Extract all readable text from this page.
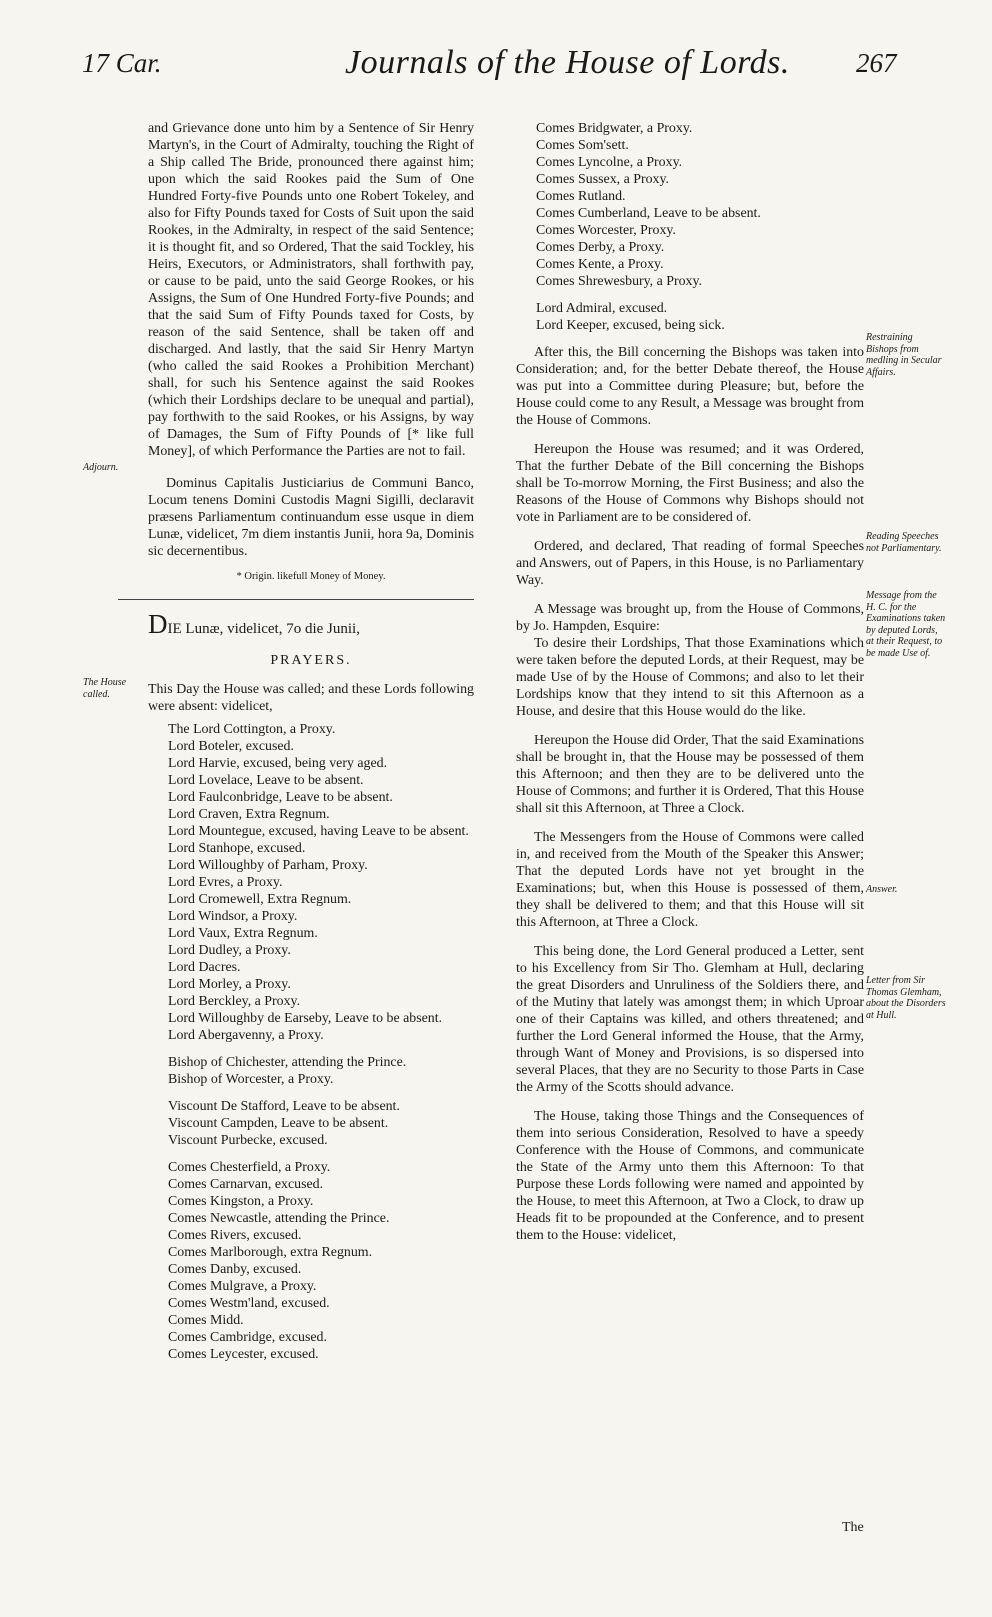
17 Car.	Journals of the House of Lords. 267
Adjourn.
The House called.
Restraining Bishops from medling in Secular Affairs.
Reading Speeches not Parliamentary.
Message from the H. C. for the Examinations taken by deputed Lords, at their Request, to be made Use of.
Answer.
Letter from Sir Thomas Glemham, about the Disorders at Hull.

and Grievance done unto him by a Sentence of Sir Henry Martyn's, in the Court of Admiralty, touching the Right of a Ship called The Bride, pronounced there against him; upon which the said Rookes paid the Sum of One Hundred Forty-five Pounds unto one Robert Tokeley, and also for Fifty Pounds taxed for Costs of Suit upon the said Rookes, in the Admiralty, in respect of the said Sentence; it is thought fit, and so Ordered, That the said Tockley, his Heirs, Executors, or Administrators, shall forthwith pay, or cause to be paid, unto the said George Rookes, or his Assigns, the Sum of One Hundred Forty-five Pounds; and that the said Sum of Fifty Pounds taxed for Costs, by reason of the said Sentence, shall be taken off and discharged. And lastly, that the said Sir Henry Martyn (who called the said Rookes a Prohibition Merchant) shall, for such his Sentence against the said Rookes (which their Lordships declare to be unequal and partial), pay forthwith to the said Rookes, or his Assigns, by way of Damages, the Sum of Fifty Pounds of [* like full Money], of which Performance the Parties are not to fail.

Dominus Capitalis Justiciarius de Communi Banco, Locum tenens Domini Custodis Magni Sigilli, declaravit præsens Parliamentum continuandum esse usque in diem Lunæ, videlicet, 7m diem instantis Junii, hora 9a, Dominis sic decernentibus.

* Origin. likefull Money of Money.
DIE Lunæ, videlicet, 7o die Junii,
PRAYERS.

This Day the House was called; and these Lords following were absent: videlicet,

The Lord Cottington, a Proxy.
Lord Boteler, excused.
Lord Harvie, excused, being very aged.
Lord Lovelace, Leave to be absent.
Lord Faulconbridge, Leave to be absent.
Lord Craven, Extra Regnum.
Lord Mountegue, excused, having Leave to be absent.
Lord Stanhope, excused.
Lord Willoughby of Parham, Proxy.
Lord Evres, a Proxy.
Lord Cromewell, Extra Regnum.
Lord Windsor, a Proxy.
Lord Vaux, Extra Regnum.
Lord Dudley, a Proxy.
Lord Dacres.
Lord Morley, a Proxy.
Lord Berckley, a Proxy.
Lord Willoughby de Earseby, Leave to be absent.
Lord Abergavenny, a Proxy.
Bishop of Chichester, attending the Prince.
Bishop of Worcester, a Proxy.
Viscount De Stafford, Leave to be absent.
Viscount Campden, Leave to be absent.
Viscount Purbecke, excused.
Comes Chesterfield, a Proxy.
Comes Carnarvan, excused.
Comes Kingston, a Proxy.
Comes Newcastle, attending the Prince.
Comes Rivers, excused.
Comes Marlborough, extra Regnum.
Comes Danby, excused.
Comes Mulgrave, a Proxy.
Comes Westm'land, excused.
Comes Midd.
Comes Cambridge, excused.
Comes Leycester, excused.
Comes Bridgwater, a Proxy.
Comes Som'sett.
Comes Lyncolne, a Proxy.
Comes Sussex, a Proxy.
Comes Rutland.
Comes Cumberland, Leave to be absent.
Comes Worcester, Proxy.
Comes Derby, a Proxy.
Comes Kente, a Proxy.
Comes Shrewesbury, a Proxy.
Lord Admiral, excused.
Lord Keeper, excused, being sick.

After this, the Bill concerning the Bishops was taken into Consideration; and, for the better Debate thereof, the House was put into a Committee during Pleasure; but, before the House could come to any Result, a Message was brought from the House of Commons.

Hereupon the House was resumed; and it was Ordered, That the further Debate of the Bill concerning the Bishops shall be To-morrow Morning, the First Business; and also the Reasons of the House of Commons why Bishops should not vote in Parliament are to be considered of.

Ordered, and declared, That reading of formal Speeches and Answers, out of Papers, in this House, is no Parliamentary Way.

A Message was brought up, from the House of Commons, by Jo. Hampden, Esquire:

To desire their Lordships, That those Examinations which were taken before the deputed Lords, at their Request, may be made Use of by the House of Commons; and also to let their Lordships know that they intend to sit this Afternoon as a House, and desire that this House would do the like.

Hereupon the House did Order, That the said Examinations shall be brought in, that the House may be possessed of them this Afternoon; and then they are to be delivered unto the House of Commons; and further it is Ordered, That this House shall sit this Afternoon, at Three a Clock.

The Messengers from the House of Commons were called in, and received from the Mouth of the Speaker this Answer; That the deputed Lords have not yet brought in the Examinations; but, when this House is possessed of them, they shall be delivered to them; and that this House will sit this Afternoon, at Three a Clock.

This being done, the Lord General produced a Letter, sent to his Excellency from Sir Tho. Glemham at Hull, declaring the great Disorders and Unruliness of the Soldiers there, and of the Mutiny that lately was amongst them; in which Uproar one of their Captains was killed, and others threatened; and further the Lord General informed the House, that the Army, through Want of Money and Provisions, is so dispersed into several Places, that they are no Security to those Parts in Case the Army of the Scotts should advance.

The House, taking those Things and the Consequences of them into serious Consideration, Resolved to have a speedy Conference with the House of Commons, and communicate the State of the Army unto them this Afternoon: To that Purpose these Lords following were named and appointed by the House, to meet this Afternoon, at Two a Clock, to draw up Heads fit to be propounded at the Conference, and to present them to the House: videlicet,

The
